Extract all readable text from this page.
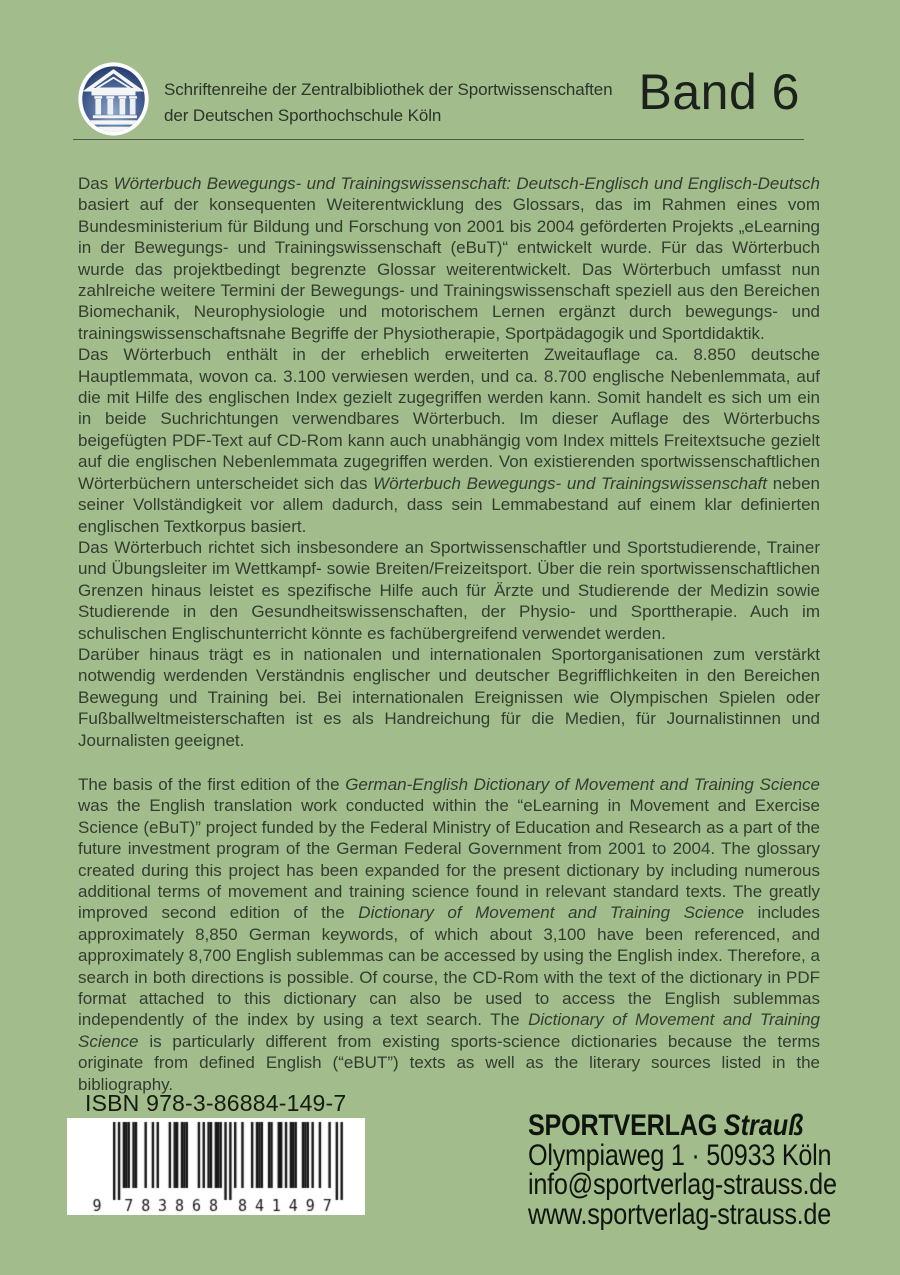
Schriftenreihe der Zentralbibliothek der Sportwissenschaften
der Deutschen Sporthochschule Köln	Band 6

Das Wörterbuch Bewegungs- und Trainingswissenschaft: Deutsch-Englisch und Englisch-Deutsch basiert auf der konsequenten Weiterentwicklung des Glossars, das im Rahmen eines vom Bundesministerium für Bildung und Forschung von 2001 bis 2004 geförderten Projekts „eLearning in der Bewegungs- und Trainingswissenschaft (eBuT)“ entwickelt wurde. Für das Wörterbuch wurde das projektbedingt begrenzte Glossar weiterentwickelt. Das Wörterbuch umfasst nun zahlreiche weitere Termini der Bewegungs- und Trainingswissenschaft speziell aus den Bereichen Biomechanik, Neurophysiologie und motorischem Lernen ergänzt durch bewegungs- und trainingswissenschaftsnahe Begriffe der Physiotherapie, Sportpädagogik und Sportdidaktik.

Das Wörterbuch enthält in der erheblich erweiterten Zweitauflage ca. 8.850 deutsche Hauptlemmata, wovon ca. 3.100 verwiesen werden, und ca. 8.700 englische Nebenlemmata, auf die mit Hilfe des englischen Index gezielt zugegriffen werden kann. Somit handelt es sich um ein in beide Suchrichtungen verwendbares Wörterbuch. Im dieser Auflage des Wörterbuchs beigefügten PDF-Text auf CD-Rom kann auch unabhängig vom Index mittels Freitextsuche gezielt auf die englischen Nebenlemmata zugegriffen werden. Von existierenden sportwissenschaftlichen Wörterbüchern unterscheidet sich das Wörterbuch Bewegungs- und Trainingswissenschaft neben seiner Vollständigkeit vor allem dadurch, dass sein Lemmabestand auf einem klar definierten englischen Textkorpus basiert.

Das Wörterbuch richtet sich insbesondere an Sportwissenschaftler und Sportstudierende, Trainer und Übungsleiter im Wettkampf- sowie Breiten/Freizeitsport. Über die rein sportwissenschaftlichen Grenzen hinaus leistet es spezifische Hilfe auch für Ärzte und Studierende der Medizin sowie Studierende in den Gesundheitswissenschaften, der Physio- und Sporttherapie. Auch im schulischen Englischunterricht könnte es fachübergreifend verwendet werden.

Darüber hinaus trägt es in nationalen und internationalen Sportorganisationen zum verstärkt notwendig werdenden Verständnis englischer und deutscher Begrifflichkeiten in den Bereichen Bewegung und Training bei. Bei internationalen Ereignissen wie Olympischen Spielen oder Fußballweltmeisterschaften ist es als Handreichung für die Medien, für Journalistinnen und Journalisten geeignet.

The basis of the first edition of the German-English Dictionary of Movement and Training Science was the English translation work conducted within the “eLearning in Movement and Exercise Science (eBuT)” project funded by the Federal Ministry of Education and Research as a part of the future investment program of the German Federal Government from 2001 to 2004. The glossary created during this project has been expanded for the present dictionary by including numerous additional terms of movement and training science found in relevant standard texts. The greatly improved second edition of the Dictionary of Movement and Training Science includes approximately 8,850 German keywords, of which about 3,100 have been referenced, and approximately 8,700 English sublemmas can be accessed by using the English index. Therefore, a search in both directions is possible. Of course, the CD-Rom with the text of the dictionary in PDF format attached to this dictionary can also be used to access the English sublemmas independently of the index by using a text search. The Dictionary of Movement and Training Science is particularly different from existing sports-science dictionaries because the terms originate from defined English (“eBUT”) texts as well as the literary sources listed in the bibliography.

ISBN 978-3-86884-149-7
SPORTVERLAG Strauß
Olympiaweg 1 · 50933 Köln
info@sportverlag-strauss.de
www.sportverlag-strauss.de
